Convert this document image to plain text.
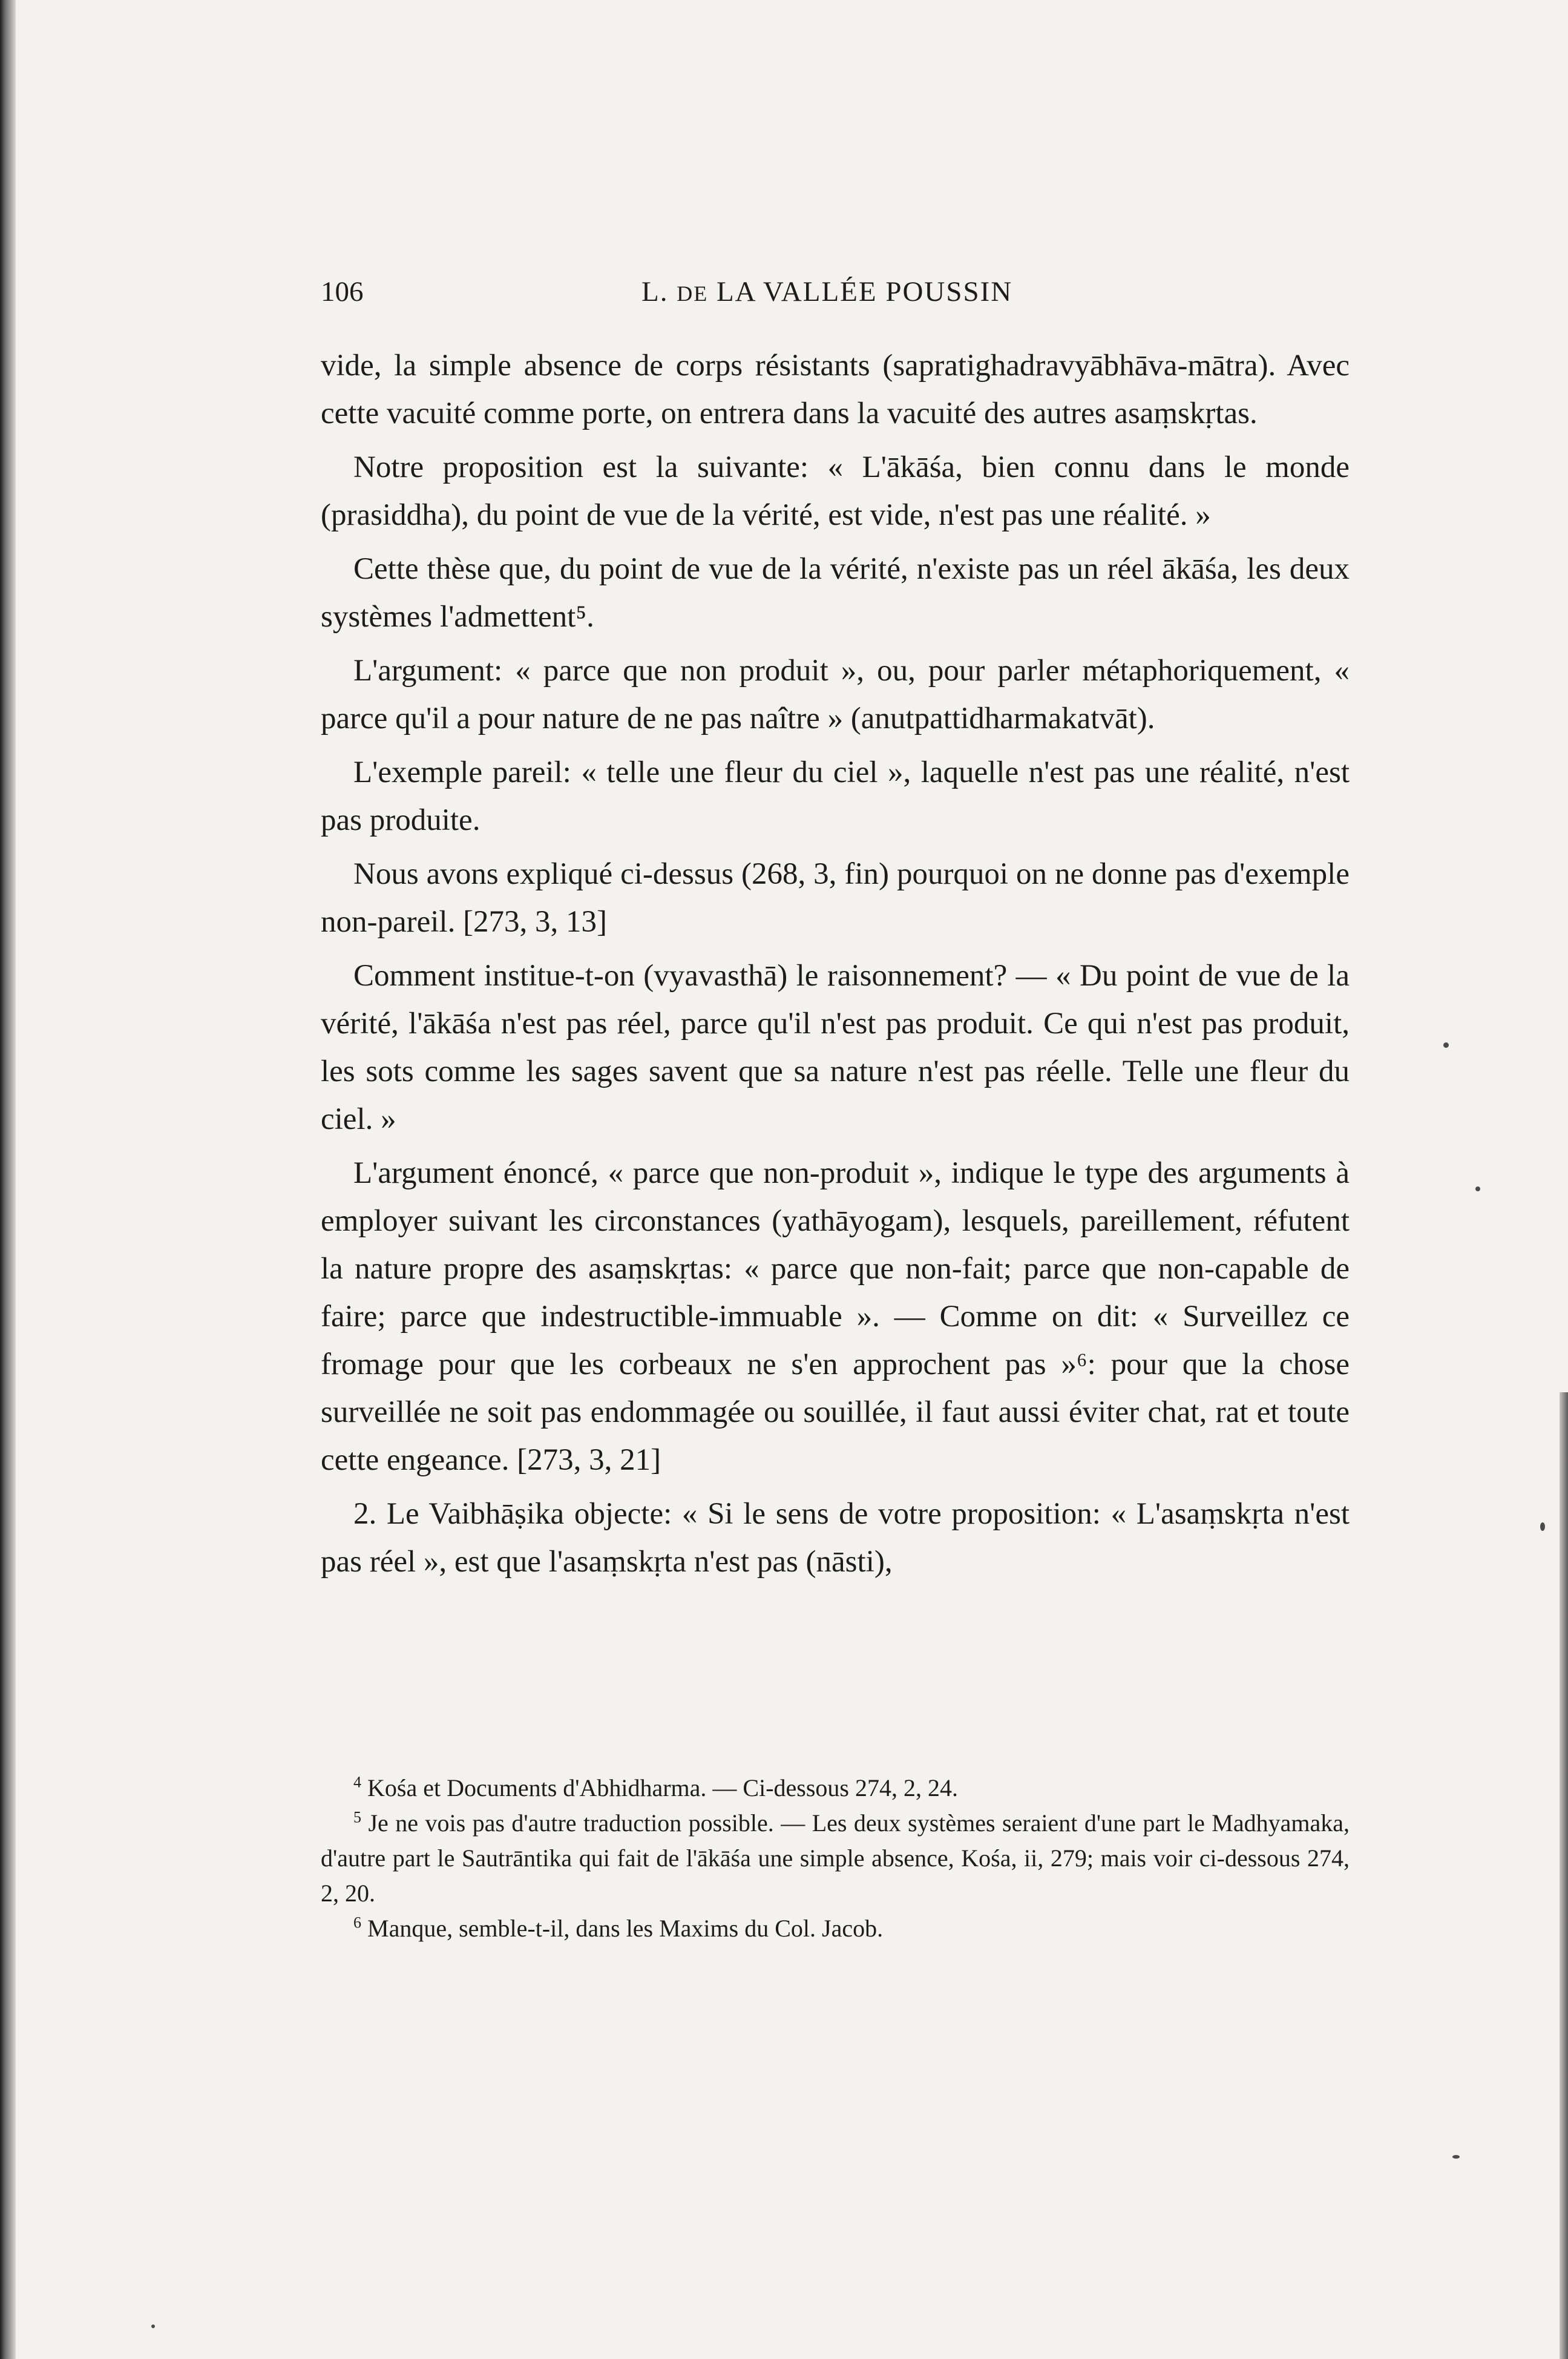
106	L. DE LA VALLÉE POUSSIN

vide, la simple absence de corps résistants (sapratighadravyābhāva-mātra). Avec cette vacuité comme porte, on entrera dans la vacuité des autres asaṃskṛtas.

Notre proposition est la suivante: « L'ākāśa, bien connu dans le monde (prasiddha), du point de vue de la vérité, est vide, n'est pas une réalité. »

Cette thèse que, du point de vue de la vérité, n'existe pas un réel ākāśa, les deux systèmes l'admettent⁵.

L'argument: « parce que non produit », ou, pour parler métaphoriquement, « parce qu'il a pour nature de ne pas naître » (anutpattidharmakatvāt).

L'exemple pareil: « telle une fleur du ciel », laquelle n'est pas une réalité, n'est pas produite.

Nous avons expliqué ci-dessus (268, 3, fin) pourquoi on ne donne pas d'exemple non-pareil. [273, 3, 13]

Comment institue-t-on (vyavasthā) le raisonnement? — « Du point de vue de la vérité, l'ākāśa n'est pas réel, parce qu'il n'est pas produit. Ce qui n'est pas produit, les sots comme les sages savent que sa nature n'est pas réelle. Telle une fleur du ciel. »

L'argument énoncé, « parce que non-produit », indique le type des arguments à employer suivant les circonstances (yathāyogam), lesquels, pareillement, réfutent la nature propre des asaṃskṛtas: « parce que non-fait; parce que non-capable de faire; parce que indestructible-immuable ». — Comme on dit: « Surveillez ce fromage pour que les corbeaux ne s'en approchent pas »⁶: pour que la chose surveillée ne soit pas endommagée ou souillée, il faut aussi éviter chat, rat et toute cette engeance. [273, 3, 21]

2. Le Vaibhāṣika objecte: « Si le sens de votre proposition: « L'asaṃskṛta n'est pas réel », est que l'asaṃskṛta n'est pas (nāsti),

$^4$ Kośa et Documents d'Abhidharma. — Ci-dessous 274, 2, 24.

$^5$ Je ne vois pas d'autre traduction possible. — Les deux systèmes seraient d'une part le Madhyamaka, d'autre part le Sautrāntika qui fait de l'ākāśa une simple absence, Kośa, ii, 279; mais voir ci-dessous 274, 2, 20.

$^6$ Manque, semble-t-il, dans les Maxims du Col. Jacob.
